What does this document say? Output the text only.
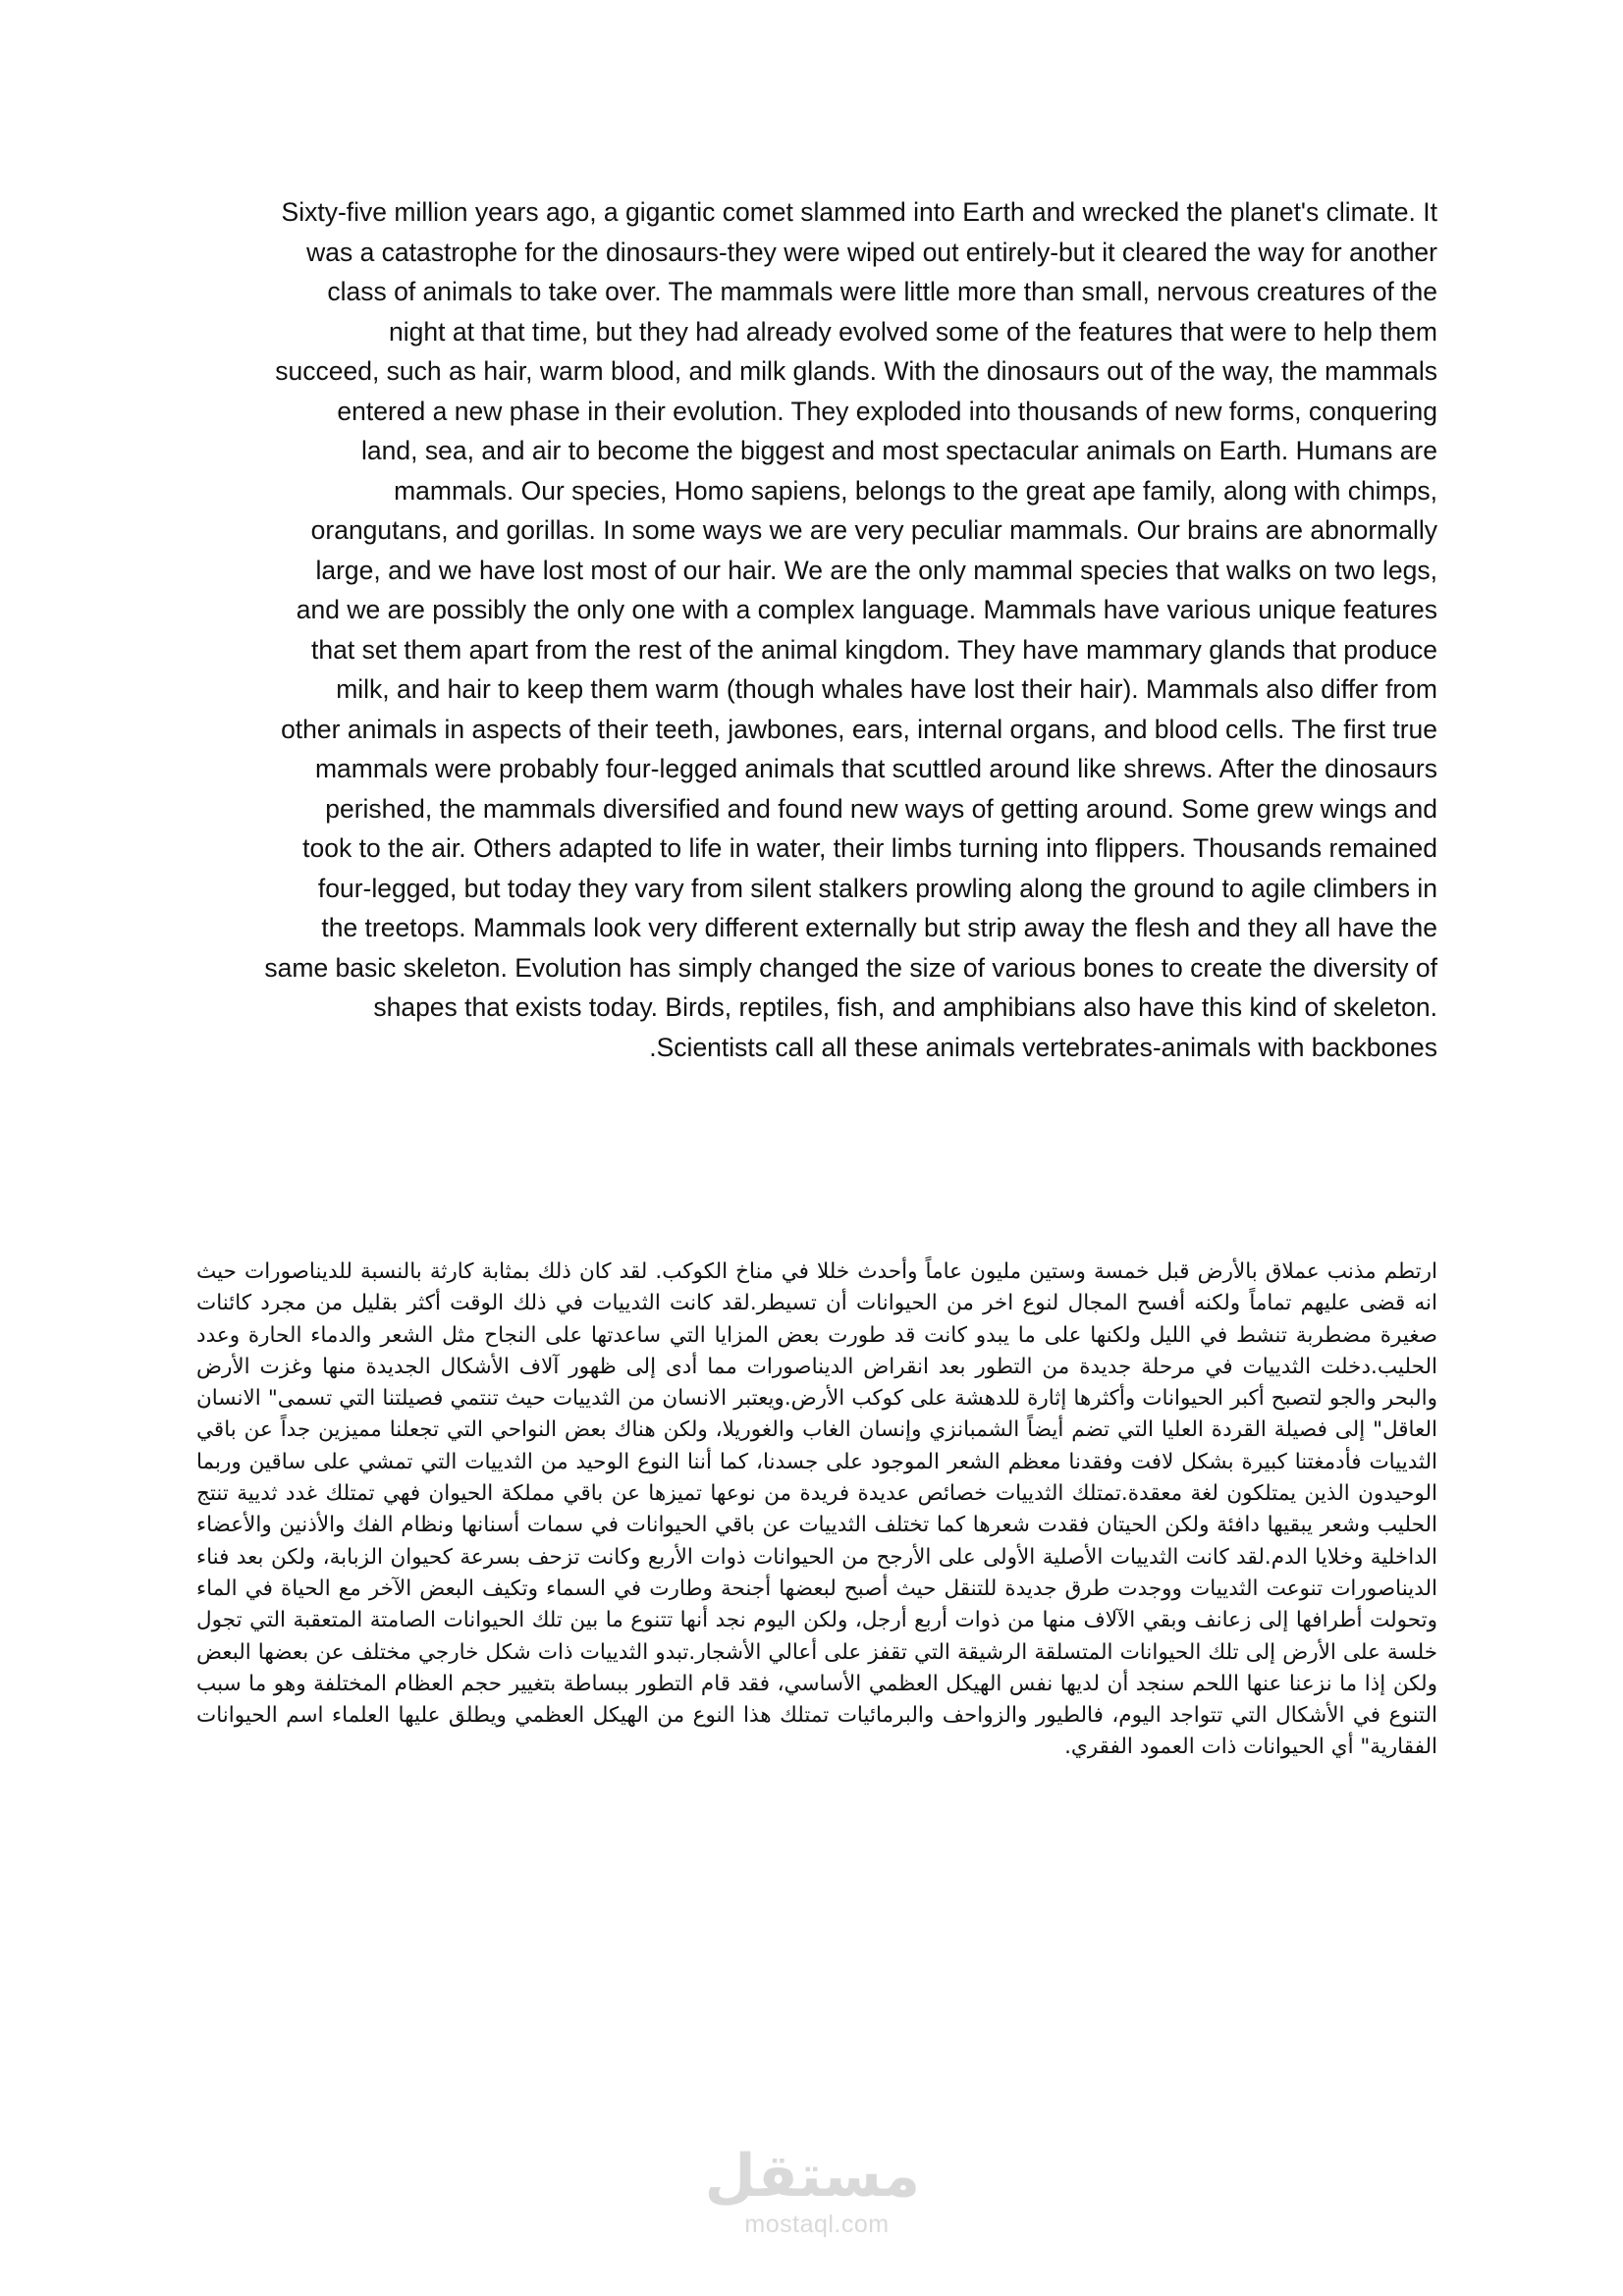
Sixty-five million years ago, a gigantic comet slammed into Earth and wrecked the planet's climate. It
was a catastrophe for the dinosaurs-they were wiped out entirely-but it cleared the way for another
class of animals to take over. The mammals were little more than small, nervous creatures of the
night at that time, but they had already evolved some of the features that were to help them
succeed, such as hair, warm blood, and milk glands. With the dinosaurs out of the way, the mammals
entered a new phase in their evolution. They exploded into thousands of new forms, conquering
land, sea, and air to become the biggest and most spectacular animals on Earth. Humans are
mammals. Our species, Homo sapiens, belongs to the great ape family, along with chimps,
orangutans, and gorillas. In some ways we are very peculiar mammals. Our brains are abnormally
large, and we have lost most of our hair. We are the only mammal species that walks on two legs,
and we are possibly the only one with a complex language. Mammals have various unique features
that set them apart from the rest of the animal kingdom. They have mammary glands that produce
milk, and hair to keep them warm (though whales have lost their hair). Mammals also differ from
other animals in aspects of their teeth, jawbones, ears, internal organs, and blood cells. The first true
mammals were probably four-legged animals that scuttled around like shrews. After the dinosaurs
perished, the mammals diversified and found new ways of getting around. Some grew wings and
took to the air. Others adapted to life in water, their limbs turning into flippers. Thousands remained
four-legged, but today they vary from silent stalkers prowling along the ground to agile climbers in
the treetops. Mammals look very different externally but strip away the flesh and they all have the
same basic skeleton. Evolution has simply changed the size of various bones to create the diversity of
shapes that exists today. Birds, reptiles, fish, and amphibians also have this kind of skeleton.
.Scientists call all these animals vertebrates-animals with backbones
ارتطم مذنب عملاق بالأرض قبل خمسة وستين مليون عاماً وأحدث خللا في مناخ الكوكب. لقد كان ذلك بمثابة كارثة بالنسبة للديناصورات حيث انه قضى عليهم تماماً ولكنه أفسح المجال لنوع اخر من الحيوانات أن تسيطر.لقد كانت الثدييات في ذلك الوقت أكثر بقليل من مجرد كائنات صغيرة مضطربة تنشط في الليل ولكنها على ما يبدو كانت قد طورت بعض المزايا التي ساعدتها على النجاح مثل الشعر والدماء الحارة وعدد الحليب.دخلت الثدييات في مرحلة جديدة من التطور بعد انقراض الديناصورات مما أدى إلى ظهور آلاف الأشكال الجديدة منها وغزت الأرض والبحر والجو لتصبح أكبر الحيوانات وأكثرها إثارة للدهشة على كوكب الأرض.ويعتبر الانسان من الثدييات حيث تنتمي فصيلتنا التي تسمى" الانسان العاقل" إلى فصيلة القردة العليا التي تضم أيضاً الشمبانزي وإنسان الغاب والغوريلا، ولكن هناك بعض النواحي التي تجعلنا مميزين جداً عن باقي الثدييات فأدمغتنا كبيرة بشكل لافت وفقدنا معظم الشعر الموجود على جسدنا، كما أننا النوع الوحيد من الثدييات التي تمشي على ساقين وربما الوحيدون الذين يمتلكون لغة معقدة.تمتلك الثدييات خصائص عديدة فريدة من نوعها تميزها عن باقي مملكة الحيوان فهي تمتلك غدد ثديية تنتج الحليب وشعر يبقيها دافئة ولكن الحيتان فقدت شعرها كما تختلف الثدييات عن باقي الحيوانات في سمات أسنانها ونظام الفك والأذنين والأعضاء الداخلية وخلايا الدم.لقد كانت الثدييات الأصلية الأولى على الأرجح من الحيوانات ذوات الأربع وكانت تزحف بسرعة كحيوان الزبابة، ولكن بعد فناء الديناصورات تنوعت الثدييات ووجدت طرق جديدة للتنقل حيث أصبح لبعضها أجنحة وطارت في السماء وتكيف البعض الآخر مع الحياة في الماء وتحولت أطرافها إلى زعانف وبقي الآلاف منها من ذوات أربع أرجل، ولكن اليوم نجد أنها تتنوع ما بين تلك الحيوانات الصامتة المتعقبة التي تجول خلسة على الأرض إلى تلك الحيوانات المتسلقة الرشيقة التي تقفز على أعالي الأشجار.تبدو الثدييات ذات شكل خارجي مختلف عن بعضها البعض ولكن إذا ما نزعنا عنها اللحم سنجد أن لديها نفس الهيكل العظمي الأساسي، فقد قام التطور ببساطة بتغيير حجم العظام المختلفة وهو ما سبب التنوع في الأشكال التي تتواجد اليوم، فالطيور والزواحف والبرمائيات تمتلك هذا النوع من الهيكل العظمي ويطلق عليها العلماء اسم الحيوانات الفقارية" أي الحيوانات ذات العمود الفقري.
مستقل
mostaql.com
